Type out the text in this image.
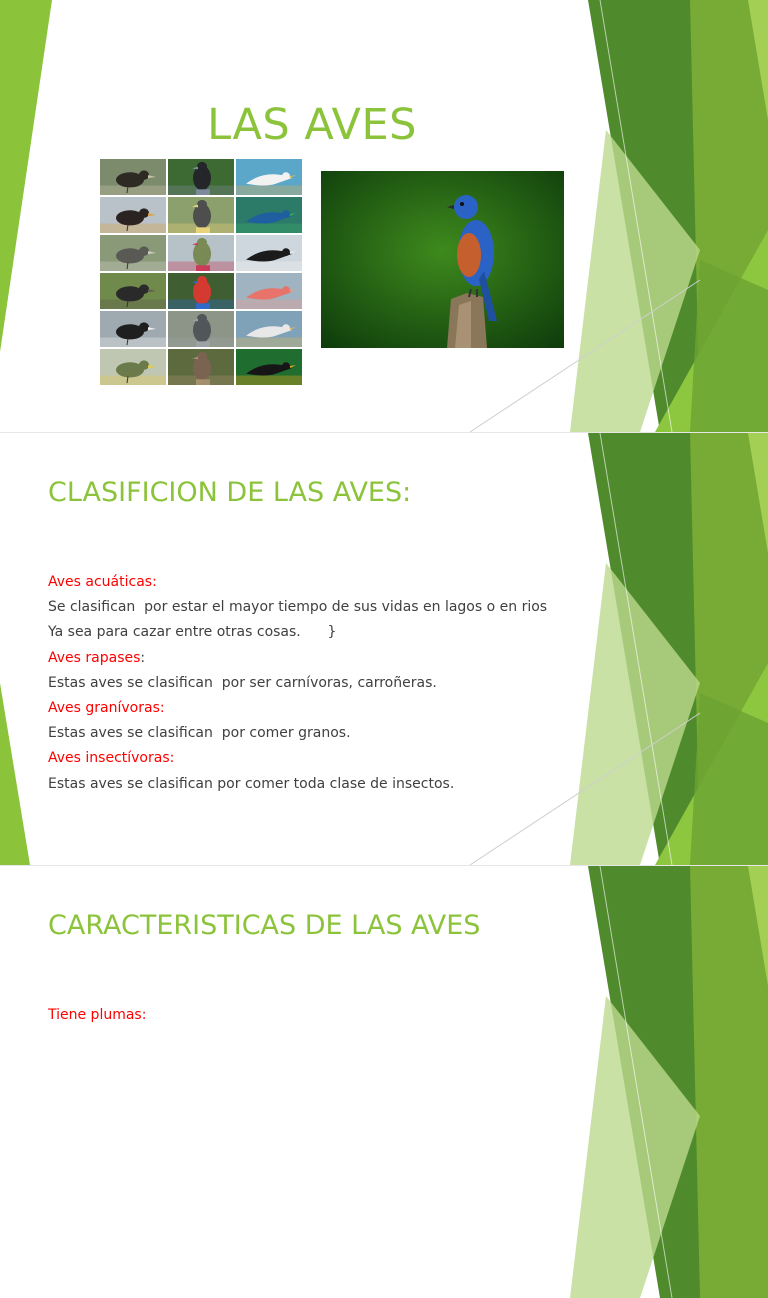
LAS AVES
CLASIFICION DE LAS AVES:
Aves acuáticas:
Se clasifican  por estar el mayor tiempo de sus vidas en lagos o en rios
Ya sea para cazar entre otras cosas.      }
Aves rapases:
Estas aves se clasifican  por ser carnívoras, carroñeras.
Aves granívoras:
Estas aves se clasifican  por comer granos.
Aves insectívoras:
Estas aves se clasifican por comer toda clase de insectos.
CARACTERISTICAS DE LAS AVES
Tiene plumas:
